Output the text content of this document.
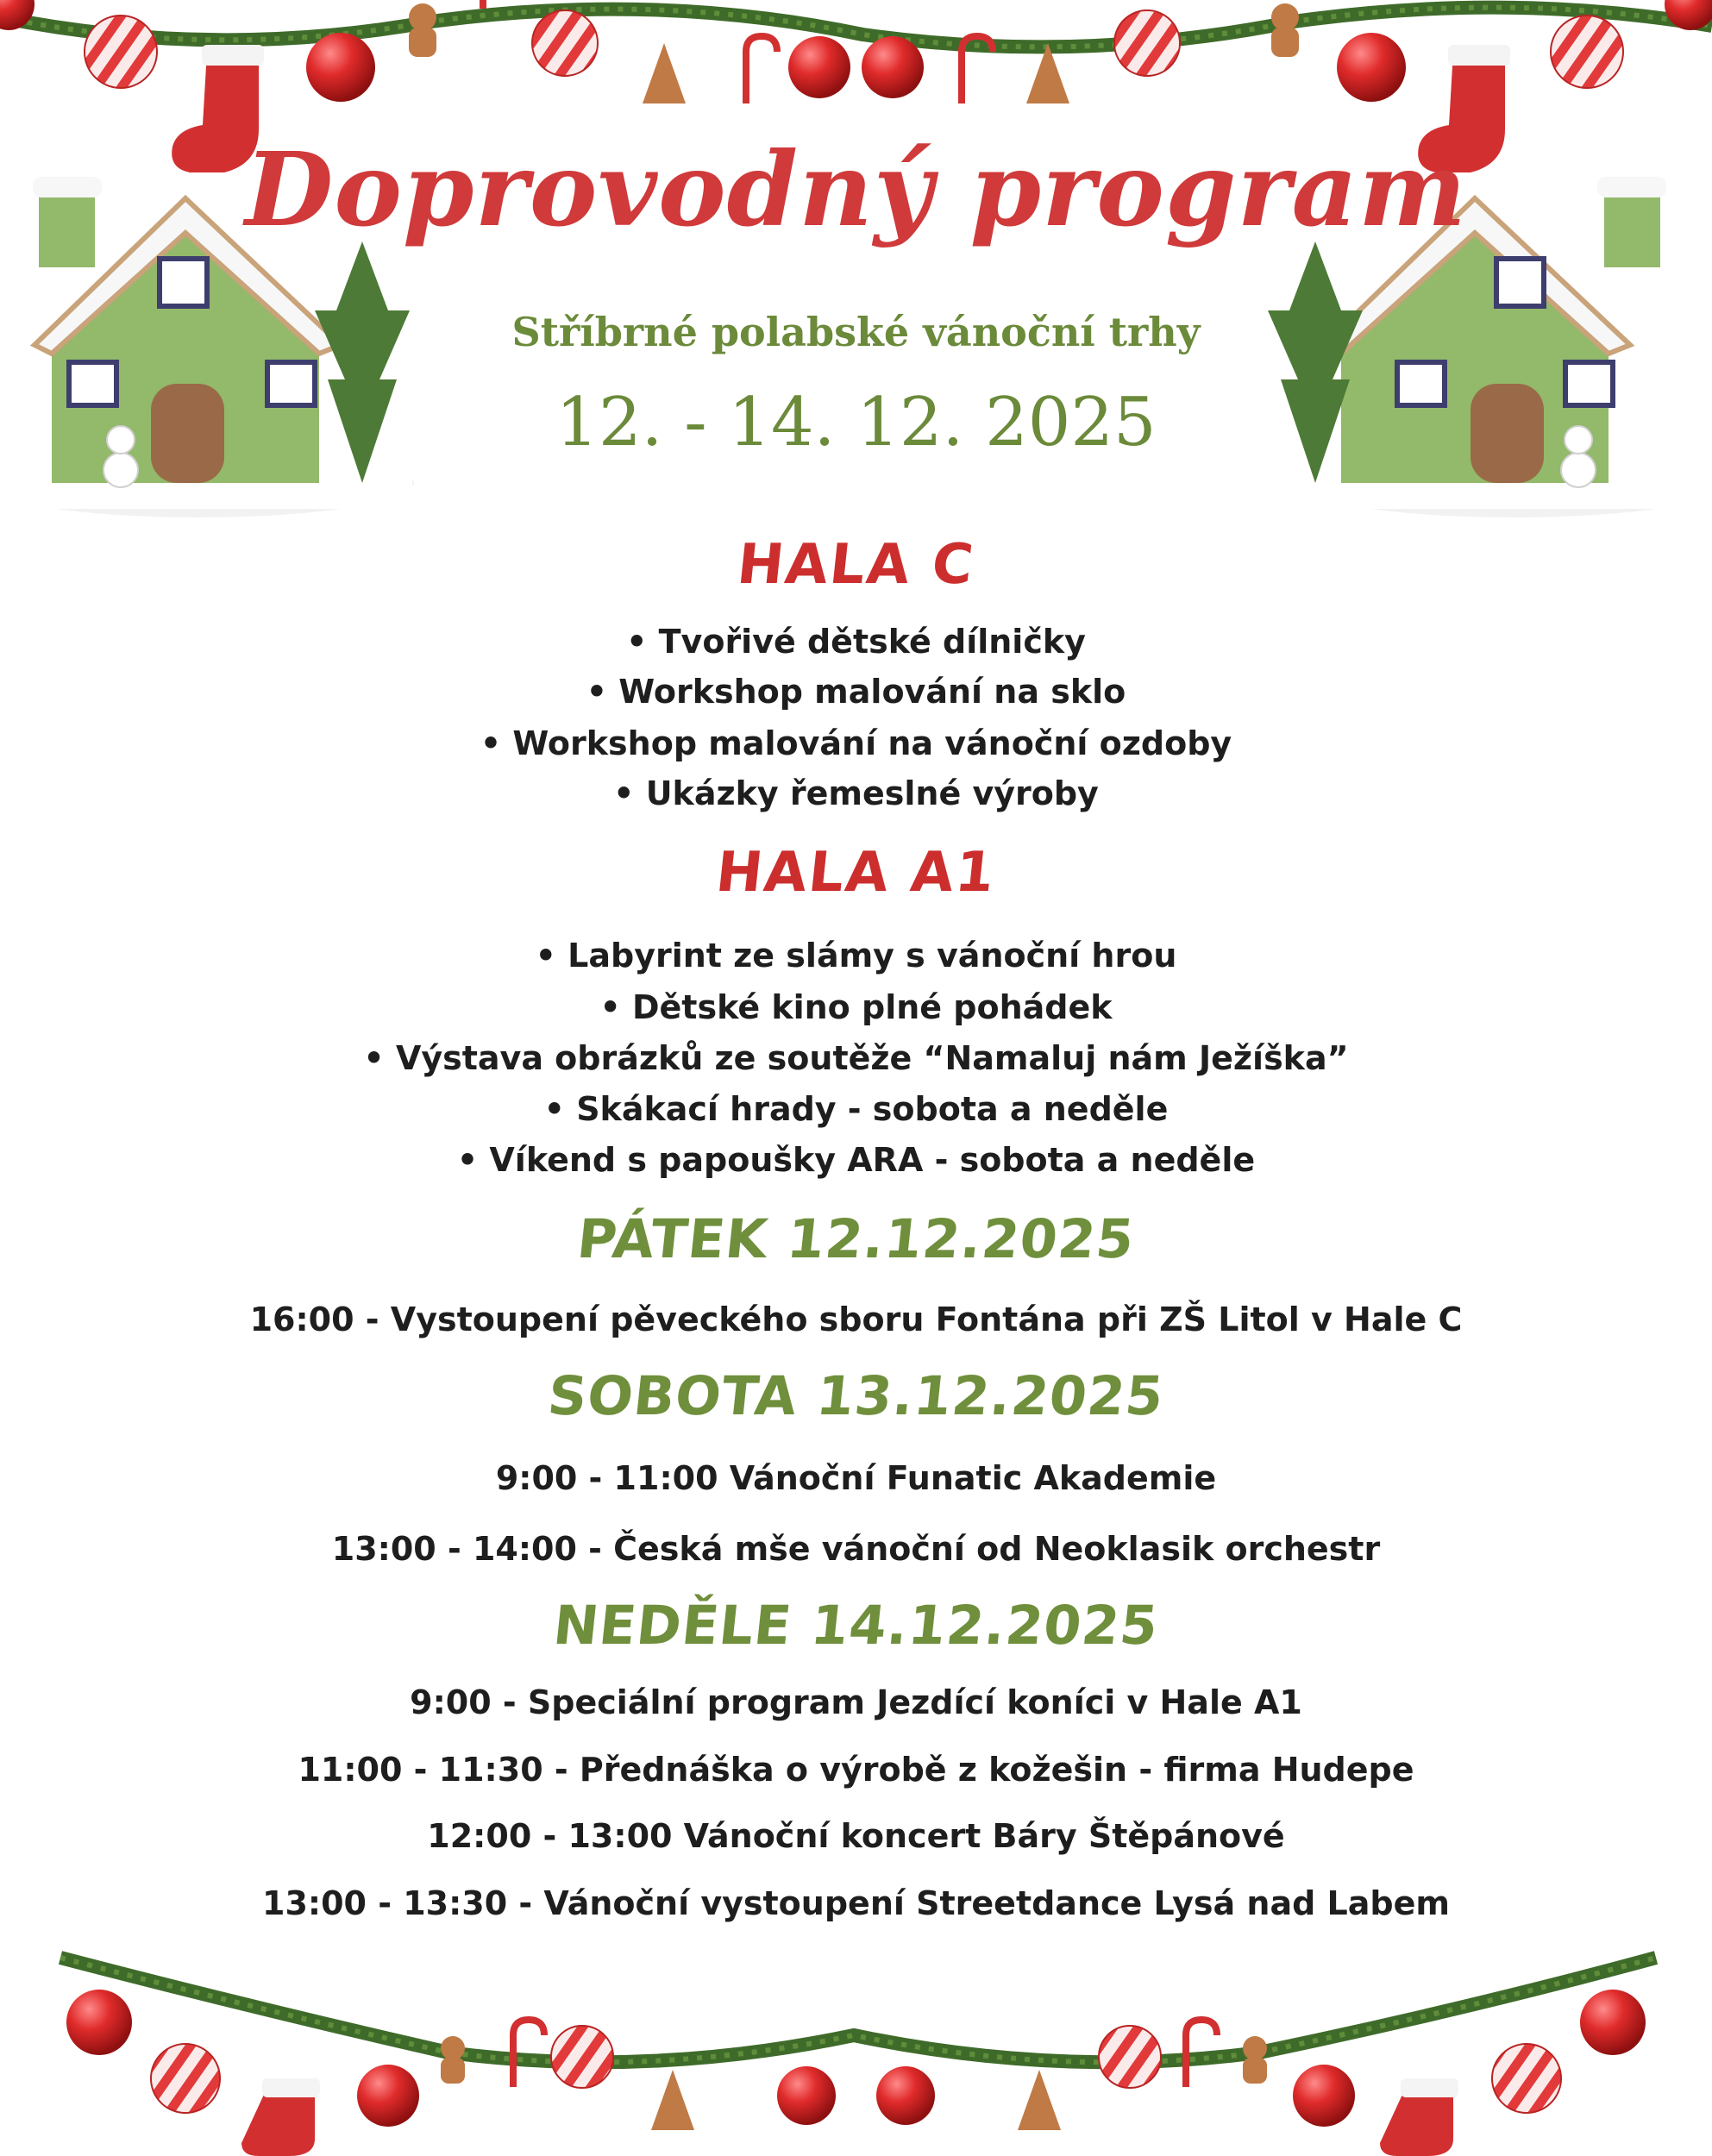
Doprovodný program
Stříbrné polabské vánoční trhy
12. - 14. 12. 2025
HALA C
• Tvořivé dětské dílničky
• Workshop malování na sklo
• Workshop malování na vánoční ozdoby
• Ukázky řemeslné výroby
HALA A1
• Labyrint ze slámy s vánoční hrou
• Dětské kino plné pohádek
• Výstava obrázků ze soutěže “Namaluj nám Ježíška”
• Skákací hrady - sobota a neděle
• Víkend s papoušky ARA - sobota a neděle
PÁTEK 12.12.2025
16:00 - Vystoupení pěveckého sboru Fontána při ZŠ Litol v Hale C
SOBOTA 13.12.2025
9:00 - 11:00 Vánoční Funatic Akademie
13:00 - 14:00 - Česká mše vánoční od Neoklasik orchestr
NEDĚLE 14.12.2025
9:00 - Speciální program Jezdící koníci v Hale A1
11:00 - 11:30 - Přednáška o výrobě z kožešin - firma Hudepe
12:00 - 13:00 Vánoční koncert Báry Štěpánové
13:00 - 13:30 - Vánoční vystoupení Streetdance Lysá nad Labem
